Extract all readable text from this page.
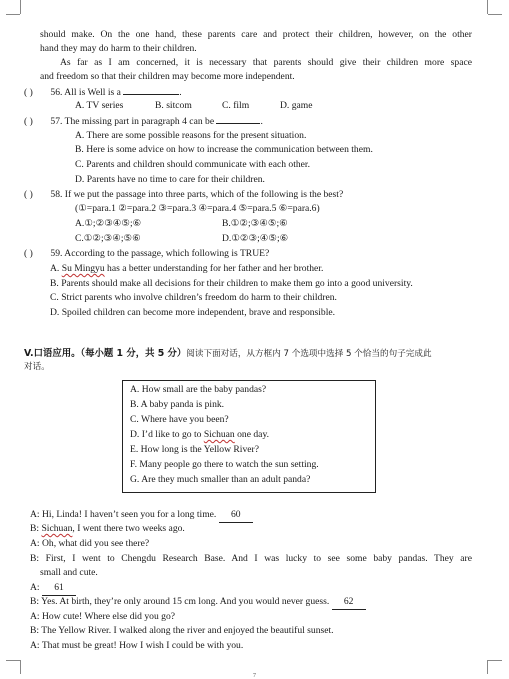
should make. On the one hand, these parents care and protect their children, however, on the other
hand they may do harm to their children.
As far as I am concerned, it is necessary that parents should give their children more space
and freedom so that their children may become more independent.
( ) 56. All is Well is a	.
A. TV series	B. sitcom	C. film	D. game
( ) 57. The missing part in paragraph 4 can be	.
A. There are some possible reasons for the present situation.
B. Here is some advice on how to increase the communication between them.
C. Parents and children should communicate with each other.
D. Parents have no time to care for their children.
( ) 58. If we put the passage into three parts, which of the following is the best?
(①=para.1 ②=para.2 ③=para.3 ④=para.4 ⑤=para.5 ⑥=para.6)
A.①;②③④⑤;⑥	B.①②;③④⑤;⑥
C.①②;③④;⑤⑥	D.①②③;④⑤;⑥
( ) 59. According to the passage, which following is TRUE?
A. Su Mingyu has a better understanding for her father and her brother.
B. Parents should make all decisions for their children to make them go into a good university.
C. Strict parents who involve children’s freedom do harm to their children.
D. Spoiled children can become more independent, brave and responsible.
V.口语应用。（每小题 1 分，共 5 分）阅读下面对话，从方框内 7 个选项中选择 5 个恰当的句子完成此
对话。
A. How small are the baby pandas?
B. A baby panda is pink.
C. Where have you been?
D. I’d like to go to Sichuan one day.
E. How long is the Yellow River?
F. Many people go there to watch the sun setting.
G. Are they much smaller than an adult panda?
A: Hi, Linda! I haven’t seen you for a long time. 60
B: Sichuan, I went there two weeks ago.
A: Oh, what did you see there?
B: First, I went to Chengdu Research Base. And I was lucky to see some baby pandas. They are
small and cute.
A: 61
B: Yes. At birth, they’re only around 15 cm long. And you would never guess. 62
A: How cute! Where else did you go?
B: The Yellow River. I walked along the river and enjoyed the beautiful sunset.
A: That must be great! How I wish I could be with you.
7
